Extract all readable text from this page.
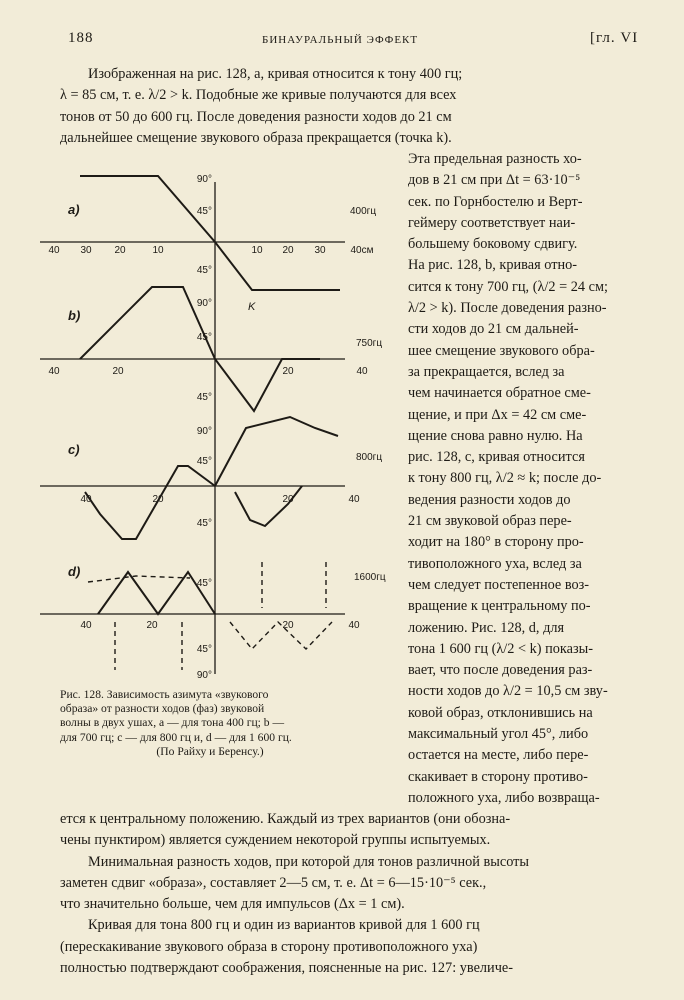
188	БИНАУРАЛЬНЫЙ ЭФФЕКТ	[гл. VI
Изображенная на рис. 128, a, кривая относится к тону 400 гц;
λ = 85 см, т. е. λ/2 > k. Подобные же кривые получаются для всех
тонов от 50 до 600 гц. После доведения разности ходов до 21 см
дальнейшее смещение звукового образа прекращается (точка k).
Эта предельная разность хо-
дов в 21 см при Δt = 63·10⁻⁵
сек. по Горнбостелю и Верт-
геймеру соответствует наи-
большему боковому сдвигу.
На рис. 128, b, кривая отно-
сится к тону 700 гц, (λ/2 = 24 см;
λ/2 > k). После доведения разно-
сти ходов до 21 см дальней-
шее смещение звукового обра-
за прекращается, вслед за
чем начинается обратное сме-
щение, и при Δx = 42 см сме-
щение снова равно нулю. На
рис. 128, c, кривая относится
к тону 800 гц, λ/2 ≈ k; после до-
ведения разности ходов до
21 см звуковой образ пере-
ходит на 180° в сторону про-
тивоположного уха, вслед за
чем следует постепенное воз-
вращение к центральному по-
ложению. Рис. 128, d, для
тона 1 600 гц (λ/2 < k) показы-
вает, что после доведения раз-
ности ходов до λ/2 = 10,5 см зву-
ковой образ, отклонившись на
максимальный угол 45°, либо
остается на месте, либо пере-
скакивает в сторону противо-
положного уха, либо возвраща-
a)
b)
c)
d)
400гц
750гц
800гц
1600гц
40 30 20	10	10 20 30 40см
40	20	20	40
40	20	20	40
40	20	20	40
90°
45°
45°
90°
45°
45°
90°
45°
45°
45°
45°
90°
K
Рис. 128. Зависимость азимута «звукового
образа» от разности ходов (фаз) звуковой
волны в двух ушах, a — для тона 400 гц; b —
для 700 гц; c — для 800 гц и, d — для 1 600 гц.
(По Райху и Беренсу.)
ется к центральному положению. Каждый из трех вариантов (они обозна-
чены пунктиром) является суждением некоторой группы испытуемых.
Минимальная разность ходов, при которой для тонов различной высоты
заметен сдвиг «образа», составляет 2—5 см, т. е. Δt = 6—15·10⁻⁵ сек.,
что значительно больше, чем для импульсов (Δx = 1 см).
Кривая для тона 800 гц и один из вариантов кривой для 1 600 гц
(перескакивание звукового образа в сторону противоположного уха)
полностью подтверждают соображения, поясненные на рис. 127: увеличе-
